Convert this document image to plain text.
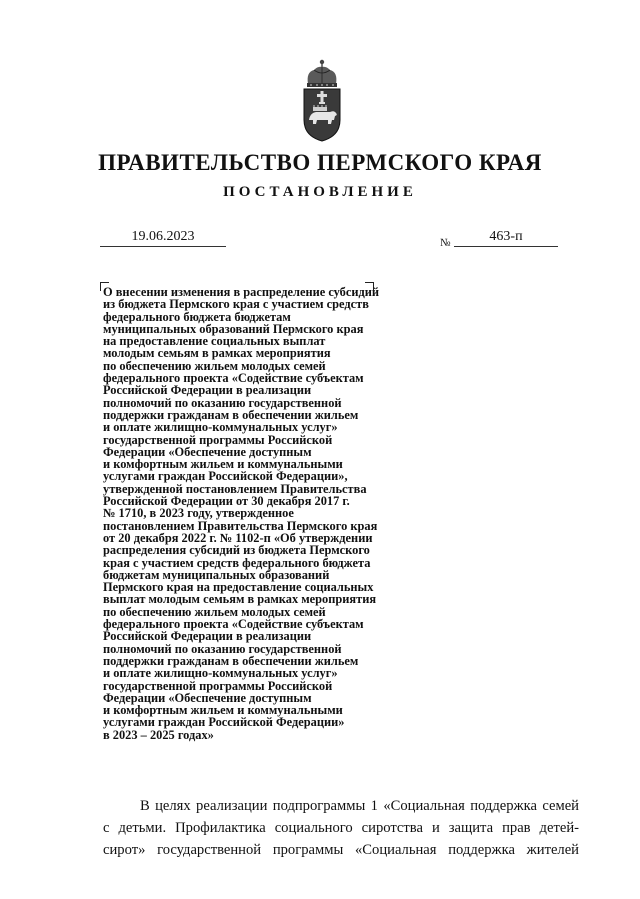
ПРАВИТЕЛЬСТВО ПЕРМСКОГО КРАЯ
ПОСТАНОВЛЕНИЕ
19.06.2023	№	463-п
О внесении изменения в распределение субсидий
из бюджета Пермского края с участием средств
федерального бюджета бюджетам
муниципальных образований Пермского края
на предоставление социальных выплат
молодым семьям в рамках мероприятия
по обеспечению жильем молодых семей
федерального проекта «Содействие субъектам
Российской Федерации в реализации
полномочий по оказанию государственной
поддержки гражданам в обеспечении жильем
и оплате жилищно-коммунальных услуг»
государственной программы Российской
Федерации «Обеспечение доступным
и комфортным жильем и коммунальными
услугами граждан Российской Федерации»,
утвержденной постановлением Правительства
Российской Федерации от 30 декабря 2017 г.
№ 1710, в 2023 году, утвержденное
постановлением Правительства Пермского края
от 20 декабря 2022 г. № 1102-п «Об утверждении
распределения субсидий из бюджета Пермского
края с участием средств федерального бюджета
бюджетам муниципальных образований
Пермского края на предоставление социальных
выплат молодым семьям в рамках мероприятия
по обеспечению жильем молодых семей
федерального проекта «Содействие субъектам
Российской Федерации в реализации
полномочий по оказанию государственной
поддержки гражданам в обеспечении жильем
и оплате жилищно-коммунальных услуг»
государственной программы Российской
Федерации «Обеспечение доступным
и комфортным жильем и коммунальными
услугами граждан Российской Федерации»
в 2023 – 2025 годах»
В целях реализации подпрограммы 1 «Социальная поддержка семей
с детьми. Профилактика социального сиротства и защита прав детей-
сирот» государственной программы «Социальная поддержка жителей
